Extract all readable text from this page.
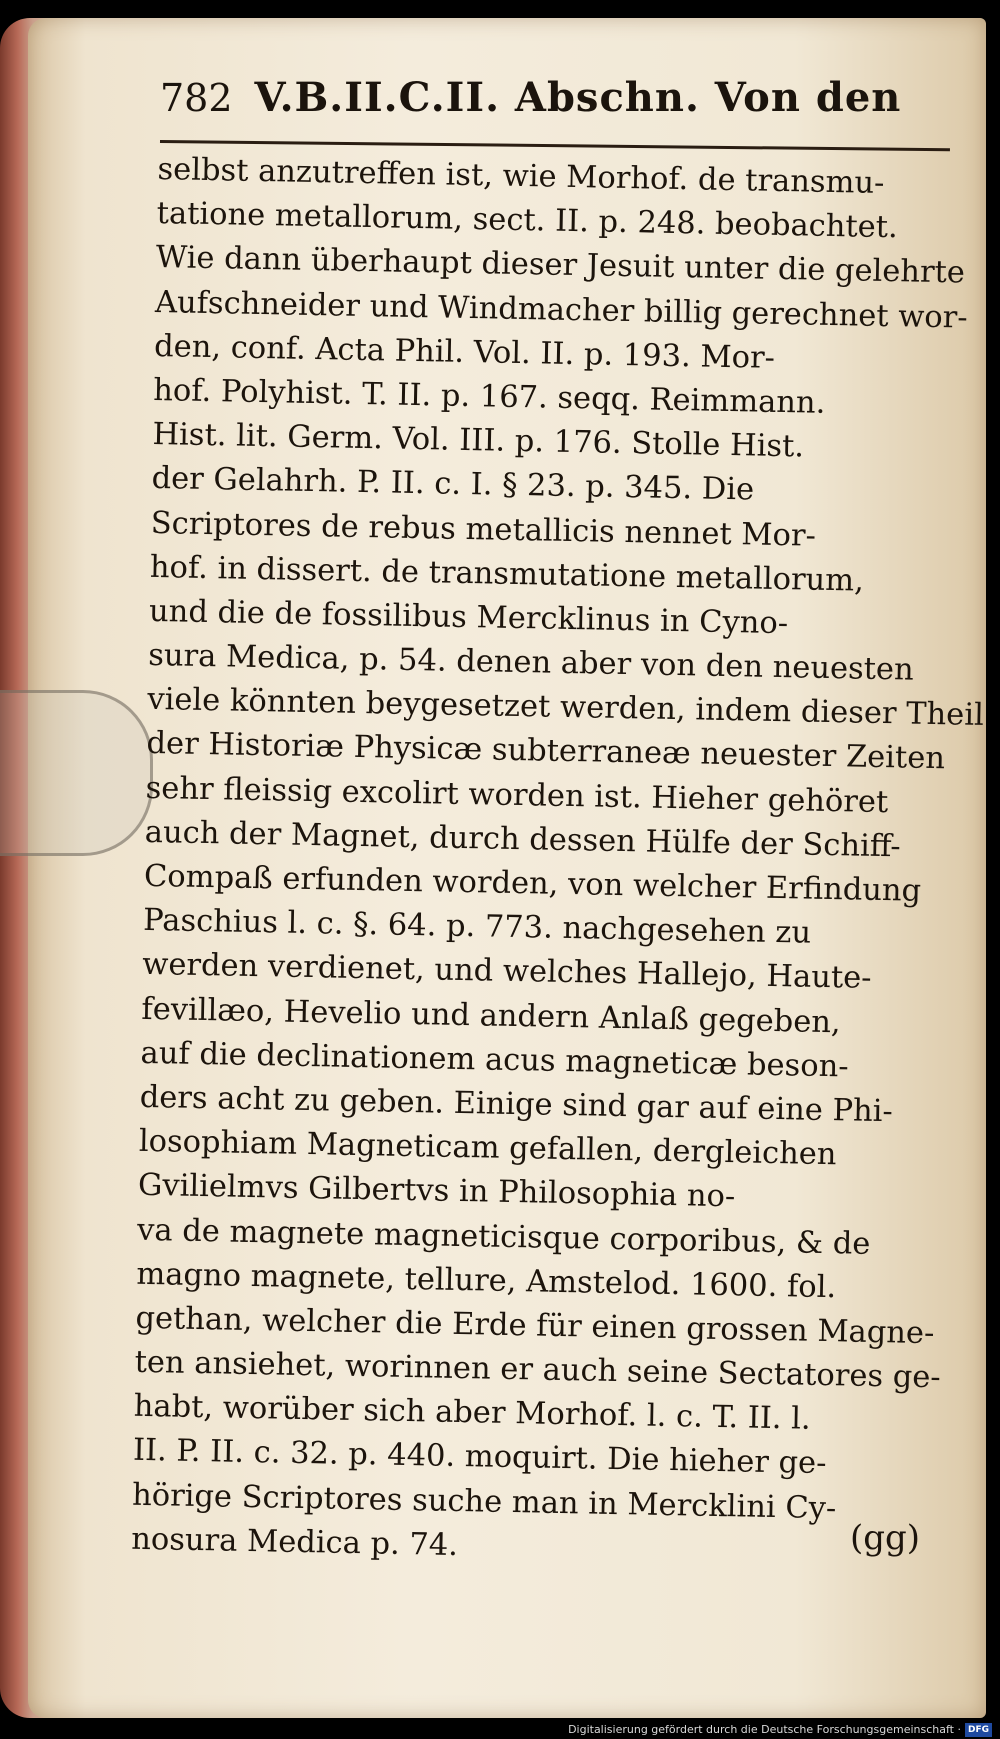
782 V.B.II.C.II. Abschn. Von den
selbst anzutreffen ist, wie Morhof. de transmu-
tatione metallorum, sect. II. p. 248. beobachtet.
Wie dann überhaupt dieser Jesuit unter die gelehrte
Aufschneider und Windmacher billig gerechnet wor-
den, conf. Acta Phil. Vol. II. p. 193. Mor-
hof. Polyhist. T. II. p. 167. seqq. Reimmann.
Hist. lit. Germ. Vol. III. p. 176. Stolle Hist.
der Gelahrh. P. II. c. I. § 23. p. 345. Die
Scriptores de rebus metallicis nennet Mor-
hof. in dissert. de transmutatione metallorum,
und die de fossilibus Mercklinus in Cyno-
sura Medica, p. 54. denen aber von den neuesten
viele könnten beygesetzet werden, indem dieser Theil
der Historiæ Physicæ subterraneæ neuester Zeiten
sehr fleissig excolirt worden ist. Hieher gehöret
auch der Magnet, durch dessen Hülfe der Schiff-
Compaß erfunden worden, von welcher Erfindung
Paschius l. c. §. 64. p. 773. nachgesehen zu
werden verdienet, und welches Hallejo, Haute-
fevillæo, Hevelio und andern Anlaß gegeben,
auf die declinationem acus magneticæ beson-
ders acht zu geben. Einige sind gar auf eine Phi-
losophiam Magneticam gefallen, dergleichen
Gvilielmvs Gilbertvs in Philosophia no-
va de magnete magneticisque corporibus, & de
magno magnete, tellure, Amstelod. 1600. fol.
gethan, welcher die Erde für einen grossen Magne-
ten ansiehet, worinnen er auch seine Sectatores ge-
habt, worüber sich aber Morhof. l. c. T. II. l.
II. P. II. c. 32. p. 440. moquirt. Die hieher ge-
hörige Scriptores suche man in Mercklini Cy-
nosura Medica p. 74.	(gg)
Digitalisierung gefördert durch die Deutsche Forschungsgemeinschaft · DFG
